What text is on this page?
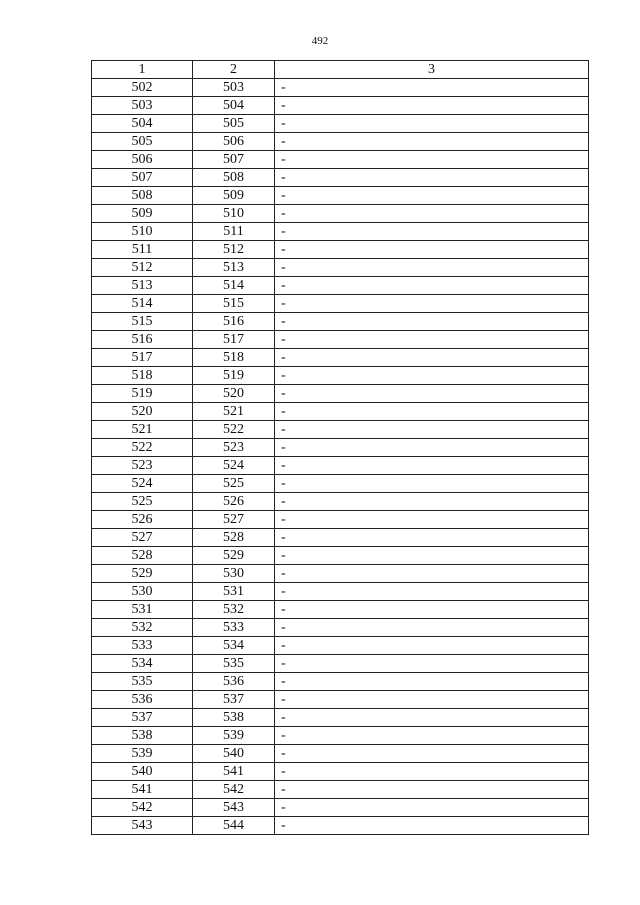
492
1	2	3
502	503	-
503	504	-
504	505	-
505	506	-
506	507	-
507	508	-
508	509	-
509	510	-
510	511	-
511	512	-
512	513	-
513	514	-
514	515	-
515	516	-
516	517	-
517	518	-
518	519	-
519	520	-
520	521	-
521	522	-
522	523	-
523	524	-
524	525	-
525	526	-
526	527	-
527	528	-
528	529	-
529	530	-
530	531	-
531	532	-
532	533	-
533	534	-
534	535	-
535	536	-
536	537	-
537	538	-
538	539	-
539	540	-
540	541	-
541	542	-
542	543	-
543	544	-
